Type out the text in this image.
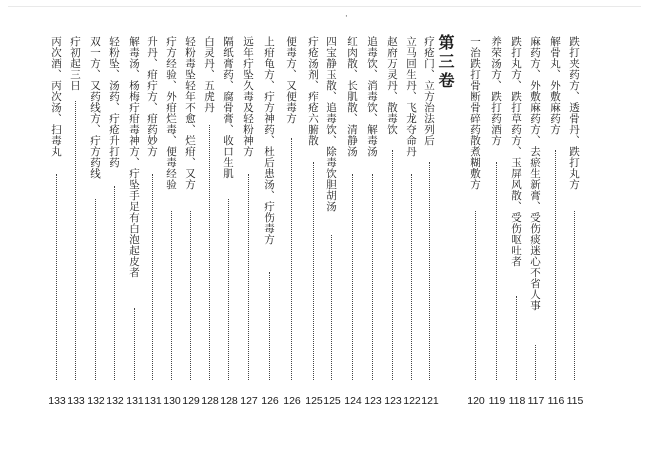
·
第三卷	跌打夹药方、透骨丹、跌打丸方
115
解骨丸、外敷麻药方
116
麻药方、外敷麻药方、去瘀生新膏、受伤痰迷心不省人事
117
跌打丸方、跌打草药方、玉屏风散、受伤呕吐者
118
养荣汤方、跌打药酒方
119
一治跌打骨断骨碎药散煮糊敷方
120
疗疮门、立方治法列后
121
立马回生丹、飞龙夺命丹
122
赵府万灵丹、散毒饮
123
追毒饮、消毒饮、解毒汤
123
红肉散、长肌散、清静汤
124
四宝静玉散、追毒饮、除毒饮胆胡汤
125
疔疮汤剂、痄疮六腑散
125
便毒方、又便毒方
126
上疳龟方、疔方神药、杜后患汤、疔伤毒方
126
远年疔坠久毒及轻粉神方
127
隔纸膏药、腐骨膏、收口生肌
128
白灵丹、五虎丹
128
轻粉毒坠轻年不愈、烂疳、又方
129
疔方经验、外疳烂毒、便毒经验
130
升丹、疳疔方、疳药妙方
131
解毒汤、杨梅疔疳毒神方、疔坠手足有白泡起皮者
131
轻粉坠、汤药、疔疮升打药
132
双一方、又药线方、疔方药线
132
疔初起三日
133
丙次酒、丙次汤、扫毒丸
133
